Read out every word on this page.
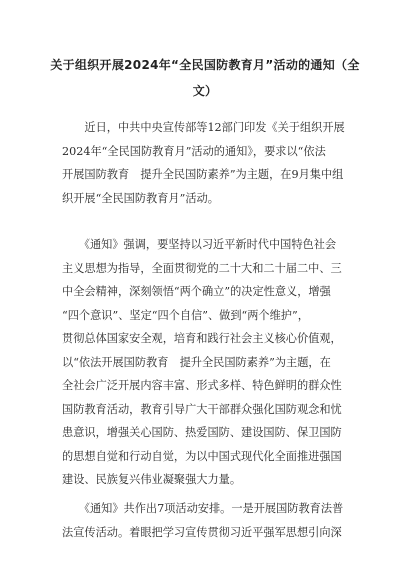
关于组织开展2024年“全民国防教育月”活动的通知（全
文）

　　近日，中共中央宣传部等12部门印发《关于组织开展
2024年“全民国防教育月”活动的通知》，要求以“依法
开展国防教育　提升全民国防素养”为主题，在9月集中组
织开展“全民国防教育月”活动。

　　《通知》强调，要坚持以习近平新时代中国特色社会
主义思想为指导，全面贯彻党的二十大和二十届二中、三
中全会精神，深刻领悟“两个确立”的决定性意义，增强
“四个意识”、坚定“四个自信”、做到“两个维护”，
贯彻总体国家安全观，培育和践行社会主义核心价值观，
以“依法开展国防教育　提升全民国防素养”为主题，在
全社会广泛开展内容丰富、形式多样、特色鲜明的群众性
国防教育活动，教育引导广大干部群众强化国防观念和忧
患意识，增强关心国防、热爱国防、建设国防、保卫国防
的思想自觉和行动自觉，为以中国式现代化全面推进强国
建设、民族复兴伟业凝聚强大力量。

　　《通知》共作出7项活动安排。一是开展国防教育法普
法宣传活动。着眼把学习宣传贯彻习近平强军思想引向深
